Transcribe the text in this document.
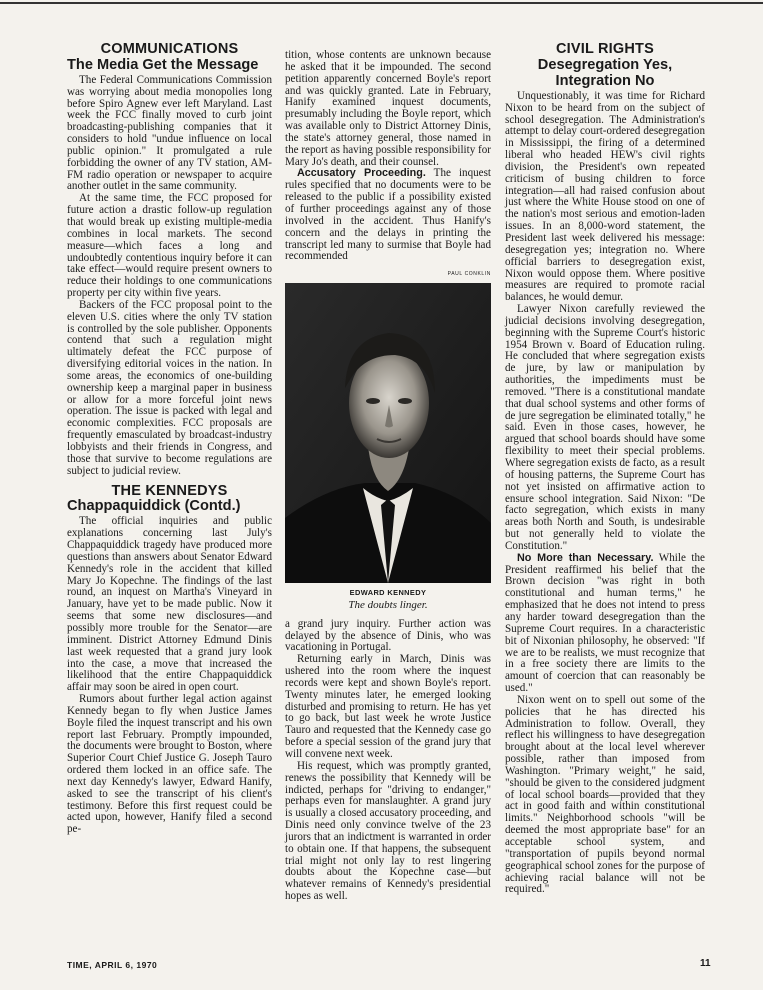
COMMUNICATIONS
The Media Get the Message

The Federal Communications Commission was worrying about media monopolies long before Spiro Agnew ever left Maryland. Last week the FCC finally moved to curb joint broadcasting-publishing companies that it considers to hold "undue influence on local public opinion." It promulgated a rule forbidding the owner of any TV station, AM-FM radio operation or newspaper to acquire another outlet in the same community.

At the same time, the FCC proposed for future action a drastic follow-up regulation that would break up existing multiple-media combines in local markets. The second measure—which faces a long and undoubtedly contentious inquiry before it can take effect—would require present owners to reduce their holdings to one communications property per city within five years.

Backers of the FCC proposal point to the eleven U.S. cities where the only TV station is controlled by the sole publisher. Opponents contend that such a regulation might ultimately defeat the FCC purpose of diversifying editorial voices in the nation. In some areas, the economics of one-building ownership keep a marginal paper in business or allow for a more forceful joint news operation. The issue is packed with legal and economic complexities. FCC proposals are frequently emasculated by broadcast-industry lobbyists and their friends in Congress, and those that survive to become regulations are subject to judicial review.

THE KENNEDYS
Chappaquiddick (Contd.)

The official inquiries and public explanations concerning last July's Chappaquiddick tragedy have produced more questions than answers about Senator Edward Kennedy's role in the accident that killed Mary Jo Kopechne. The findings of the last round, an inquest on Martha's Vineyard in January, have yet to be made public. Now it seems that some new disclosures—and possibly more trouble for the Senator—are imminent. District Attorney Edmund Dinis last week requested that a grand jury look into the case, a move that increased the likelihood that the entire Chappaquiddick affair may soon be aired in open court.

Rumors about further legal action against Kennedy began to fly when Justice James Boyle filed the inquest transcript and his own report last February. Promptly impounded, the documents were brought to Boston, where Superior Court Chief Justice G. Joseph Tauro ordered them locked in an office safe. The next day Kennedy's lawyer, Edward Hanify, asked to see the transcript of his client's testimony. Before this first request could be acted upon, however, Hanify filed a second pe-

tition, whose contents are unknown because he asked that it be impounded. The second petition apparently concerned Boyle's report and was quickly granted. Late in February, Hanify examined inquest documents, presumably including the Boyle report, which was available only to District Attorney Dinis, the state's attorney general, those named in the report as having possible responsibility for Mary Jo's death, and their counsel.

Accusatory Proceeding. The inquest rules specified that no documents were to be released to the public if a possibility existed of further proceedings against any of those involved in the accident. Thus Hanify's concern and the delays in printing the transcript led many to surmise that Boyle had recommended

PAUL CONKLIN
EDWARD KENNEDY
The doubts linger.

a grand jury inquiry. Further action was delayed by the absence of Dinis, who was vacationing in Portugal.

Returning early in March, Dinis was ushered into the room where the inquest records were kept and shown Boyle's report. Twenty minutes later, he emerged looking disturbed and promising to return. He has yet to go back, but last week he wrote Justice Tauro and requested that the Kennedy case go before a special session of the grand jury that will convene next week.

His request, which was promptly granted, renews the possibility that Kennedy will be indicted, perhaps for "driving to endanger," perhaps even for manslaughter. A grand jury is usually a closed accusatory proceeding, and Dinis need only convince twelve of the 23 jurors that an indictment is warranted in order to obtain one. If that happens, the subsequent trial might not only lay to rest lingering doubts about the Kopechne case—but whatever remains of Kennedy's presidential hopes as well.

CIVIL RIGHTS
Desegregation Yes, Integration No

Unquestionably, it was time for Richard Nixon to be heard from on the subject of school desegregation. The Administration's attempt to delay court-ordered desegregation in Mississippi, the firing of a determined liberal who headed HEW's civil rights division, the President's own repeated criticism of busing children to force integration—all had raised confusion about just where the White House stood on one of the nation's most serious and emotion-laden issues. In an 8,000-word statement, the President last week delivered his message: desegregation yes; integration no. Where official barriers to desegregation exist, Nixon would oppose them. Where positive measures are required to promote racial balances, he would demur.

Lawyer Nixon carefully reviewed the judicial decisions involving desegregation, beginning with the Supreme Court's historic 1954 Brown v. Board of Education ruling. He concluded that where segregation exists de jure, by law or manipulation by authorities, the impediments must be removed. "There is a constitutional mandate that dual school systems and other forms of de jure segregation be eliminated totally," he said. Even in those cases, however, he argued that school boards should have some flexibility to meet their special problems. Where segregation exists de facto, as a result of housing patterns, the Supreme Court has not yet insisted on affirmative action to ensure school integration. Said Nixon: "De facto segregation, which exists in many areas both North and South, is undesirable but not generally held to violate the Constitution."

No More than Necessary. While the President reaffirmed his belief that the Brown decision "was right in both constitutional and human terms," he emphasized that he does not intend to press any harder toward desegregation than the Supreme Court requires. In a characteristic bit of Nixonian philosophy, he observed: "If we are to be realists, we must recognize that in a free society there are limits to the amount of coercion that can reasonably be used."

Nixon went on to spell out some of the policies that he has directed his Administration to follow. Overall, they reflect his willingness to have desegregation brought about at the local level wherever possible, rather than imposed from Washington. "Primary weight," he said, "should be given to the considered judgment of local school boards—provided that they act in good faith and within constitutional limits." Neighborhood schools "will be deemed the most appropriate base" for an acceptable school system, and "transportation of pupils beyond normal geographical school zones for the purpose of achieving racial balance will not be required."

TIME, APRIL 6, 1970	11
